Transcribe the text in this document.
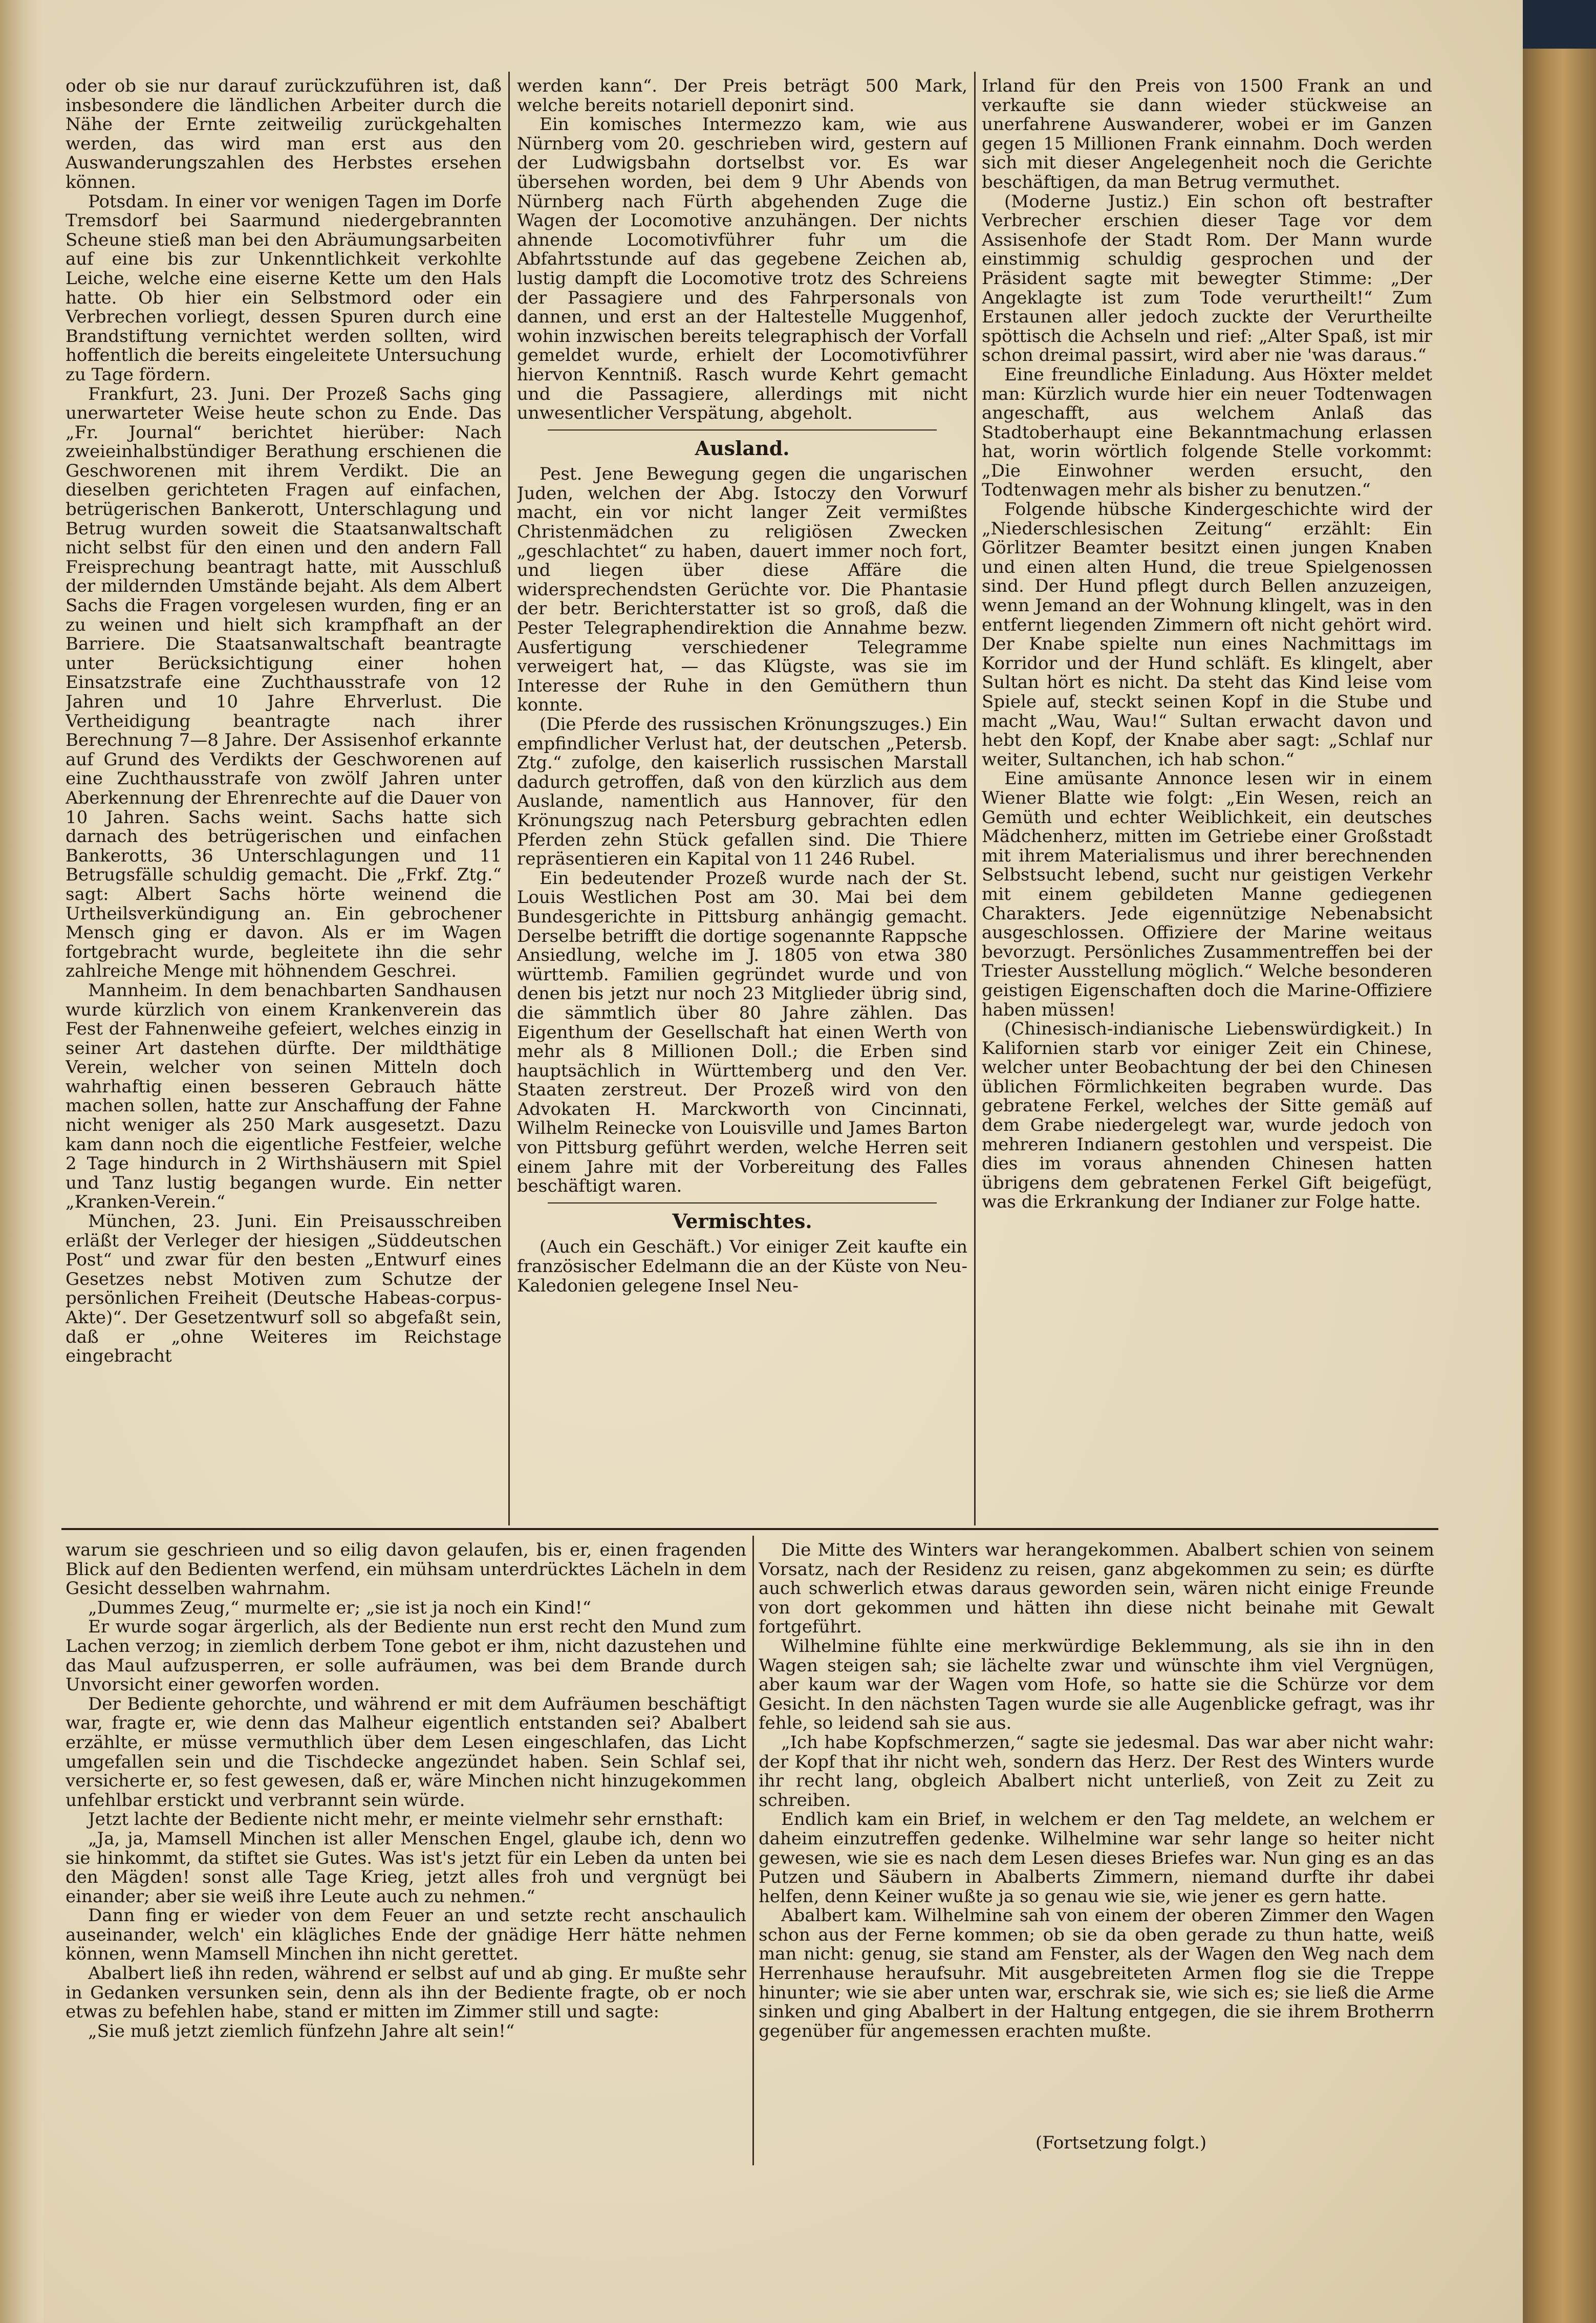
oder ob sie nur darauf zurückzuführen ist, daß insbesondere die ländlichen Arbeiter durch die Nähe der Ernte zeitweilig zurückgehalten werden, das wird man erst aus den Auswanderungszahlen des Herbstes ersehen können.

Potsdam. In einer vor wenigen Tagen im Dorfe Tremsdorf bei Saarmund niedergebrannten Scheune stieß man bei den Abräumungsarbeiten auf eine bis zur Unkenntlichkeit verkohlte Leiche, welche eine eiserne Kette um den Hals hatte. Ob hier ein Selbstmord oder ein Verbrechen vorliegt, dessen Spuren durch eine Brandstiftung vernichtet werden sollten, wird hoffentlich die bereits eingeleitete Untersuchung zu Tage fördern.

Frankfurt, 23. Juni. Der Prozeß Sachs ging unerwarteter Weise heute schon zu Ende. Das „Fr. Journal“ berichtet hierüber: Nach zweieinhalbstündiger Berathung erschienen die Geschworenen mit ihrem Verdikt. Die an dieselben gerichteten Fragen auf einfachen, betrügerischen Bankerott, Unterschlagung und Betrug wurden soweit die Staatsanwaltschaft nicht selbst für den einen und den andern Fall Freisprechung beantragt hatte, mit Ausschluß der mildernden Umstände bejaht. Als dem Albert Sachs die Fragen vorgelesen wurden, fing er an zu weinen und hielt sich krampfhaft an der Barriere. Die Staatsanwaltschaft beantragte unter Berücksichtigung einer hohen Einsatzstrafe eine Zuchthausstrafe von 12 Jahren und 10 Jahre Ehrverlust. Die Vertheidigung beantragte nach ihrer Berechnung 7—8 Jahre. Der Assisenhof erkannte auf Grund des Verdikts der Geschworenen auf eine Zuchthausstrafe von zwölf Jahren unter Aberkennung der Ehrenrechte auf die Dauer von 10 Jahren. Sachs weint. Sachs hatte sich darnach des betrügerischen und einfachen Bankerotts, 36 Unterschlagungen und 11 Betrugsfälle schuldig gemacht. Die „Frkf. Ztg.“ sagt: Albert Sachs hörte weinend die Urtheilsverkündigung an. Ein gebrochener Mensch ging er davon. Als er im Wagen fortgebracht wurde, begleitete ihn die sehr zahlreiche Menge mit höhnendem Geschrei.

Mannheim. In dem benachbarten Sandhausen wurde kürzlich von einem Krankenverein das Fest der Fahnenweihe gefeiert, welches einzig in seiner Art dastehen dürfte. Der mildthätige Verein, welcher von seinen Mitteln doch wahrhaftig einen besseren Gebrauch hätte machen sollen, hatte zur Anschaffung der Fahne nicht weniger als 250 Mark ausgesetzt. Dazu kam dann noch die eigentliche Festfeier, welche 2 Tage hindurch in 2 Wirthshäusern mit Spiel und Tanz lustig begangen wurde. Ein netter „Kranken-Verein.“

München, 23. Juni. Ein Preisausschreiben erläßt der Verleger der hiesigen „Süddeutschen Post“ und zwar für den besten „Entwurf eines Gesetzes nebst Motiven zum Schutze der persönlichen Freiheit (Deutsche Habeas-corpus-Akte)“. Der Gesetzentwurf soll so abgefaßt sein, daß er „ohne Weiteres im Reichstage eingebracht

werden kann“. Der Preis beträgt 500 Mark, welche bereits notariell deponirt sind.

Ein komisches Intermezzo kam, wie aus Nürnberg vom 20. geschrieben wird, gestern auf der Ludwigsbahn dortselbst vor. Es war übersehen worden, bei dem 9 Uhr Abends von Nürnberg nach Fürth abgehenden Zuge die Wagen der Locomotive anzuhängen. Der nichts ahnende Locomotivführer fuhr um die Abfahrtsstunde auf das gegebene Zeichen ab, lustig dampft die Locomotive trotz des Schreiens der Passagiere und des Fahrpersonals von dannen, und erst an der Haltestelle Muggenhof, wohin inzwischen bereits telegraphisch der Vorfall gemeldet wurde, erhielt der Locomotivführer hiervon Kenntniß. Rasch wurde Kehrt gemacht und die Passagiere, allerdings mit nicht unwesentlicher Verspätung, abgeholt.

Ausland.

Pest. Jene Bewegung gegen die ungarischen Juden, welchen der Abg. Istoczy den Vorwurf macht, ein vor nicht langer Zeit vermißtes Christenmädchen zu religiösen Zwecken „geschlachtet“ zu haben, dauert immer noch fort, und liegen über diese Affäre die widersprechendsten Gerüchte vor. Die Phantasie der betr. Berichterstatter ist so groß, daß die Pester Telegraphendirektion die Annahme bezw. Ausfertigung verschiedener Telegramme verweigert hat, — das Klügste, was sie im Interesse der Ruhe in den Gemüthern thun konnte.

(Die Pferde des russischen Krönungszuges.) Ein empfindlicher Verlust hat, der deutschen „Petersb. Ztg.“ zufolge, den kaiserlich russischen Marstall dadurch getroffen, daß von den kürzlich aus dem Auslande, namentlich aus Hannover, für den Krönungszug nach Petersburg gebrachten edlen Pferden zehn Stück gefallen sind. Die Thiere repräsentieren ein Kapital von 11 246 Rubel.

Ein bedeutender Prozeß wurde nach der St. Louis Westlichen Post am 30. Mai bei dem Bundesgerichte in Pittsburg anhängig gemacht. Derselbe betrifft die dortige sogenannte Rappsche Ansiedlung, welche im J. 1805 von etwa 380 württemb. Familien gegründet wurde und von denen bis jetzt nur noch 23 Mitglieder übrig sind, die sämmtlich über 80 Jahre zählen. Das Eigenthum der Gesellschaft hat einen Werth von mehr als 8 Millionen Doll.; die Erben sind hauptsächlich in Württemberg und den Ver. Staaten zerstreut. Der Prozeß wird von den Advokaten H. Marckworth von Cincinnati, Wilhelm Reinecke von Louisville und James Barton von Pittsburg geführt werden, welche Herren seit einem Jahre mit der Vorbereitung des Falles beschäftigt waren.

Vermischtes.

(Auch ein Geschäft.) Vor einiger Zeit kaufte ein französischer Edelmann die an der Küste von Neu-Kaledonien gelegene Insel Neu-

Irland für den Preis von 1500 Frank an und verkaufte sie dann wieder stückweise an unerfahrene Auswanderer, wobei er im Ganzen gegen 15 Millionen Frank einnahm. Doch werden sich mit dieser Angelegenheit noch die Gerichte beschäftigen, da man Betrug vermuthet.

(Moderne Justiz.) Ein schon oft bestrafter Verbrecher erschien dieser Tage vor dem Assisenhofe der Stadt Rom. Der Mann wurde einstimmig schuldig gesprochen und der Präsident sagte mit bewegter Stimme: „Der Angeklagte ist zum Tode verurtheilt!“ Zum Erstaunen aller jedoch zuckte der Verurtheilte spöttisch die Achseln und rief: „Alter Spaß, ist mir schon dreimal passirt, wird aber nie 'was daraus.“

Eine freundliche Einladung. Aus Höxter meldet man: Kürzlich wurde hier ein neuer Todtenwagen angeschafft, aus welchem Anlaß das Stadtoberhaupt eine Bekanntmachung erlassen hat, worin wörtlich folgende Stelle vorkommt: „Die Einwohner werden ersucht, den Todtenwagen mehr als bisher zu benutzen.“

Folgende hübsche Kindergeschichte wird der „Niederschlesischen Zeitung“ erzählt: Ein Görlitzer Beamter besitzt einen jungen Knaben und einen alten Hund, die treue Spielgenossen sind. Der Hund pflegt durch Bellen anzuzeigen, wenn Jemand an der Wohnung klingelt, was in den entfernt liegenden Zimmern oft nicht gehört wird. Der Knabe spielte nun eines Nachmittags im Korridor und der Hund schläft. Es klingelt, aber Sultan hört es nicht. Da steht das Kind leise vom Spiele auf, steckt seinen Kopf in die Stube und macht „Wau, Wau!“ Sultan erwacht davon und hebt den Kopf, der Knabe aber sagt: „Schlaf nur weiter, Sultanchen, ich hab schon.“

Eine amüsante Annonce lesen wir in einem Wiener Blatte wie folgt: „Ein Wesen, reich an Gemüth und echter Weiblichkeit, ein deutsches Mädchenherz, mitten im Getriebe einer Großstadt mit ihrem Materialismus und ihrer berechnenden Selbstsucht lebend, sucht nur geistigen Verkehr mit einem gebildeten Manne gediegenen Charakters. Jede eigennützige Nebenabsicht ausgeschlossen. Offiziere der Marine weitaus bevorzugt. Persönliches Zusammentreffen bei der Triester Ausstellung möglich.“ Welche besonderen geistigen Eigenschaften doch die Marine-Offiziere haben müssen!

(Chinesisch-indianische Liebenswürdigkeit.) In Kalifornien starb vor einiger Zeit ein Chinese, welcher unter Beobachtung der bei den Chinesen üblichen Förmlichkeiten begraben wurde. Das gebratene Ferkel, welches der Sitte gemäß auf dem Grabe niedergelegt war, wurde jedoch von mehreren Indianern gestohlen und verspeist. Die dies im voraus ahnenden Chinesen hatten übrigens dem gebratenen Ferkel Gift beigefügt, was die Erkrankung der Indianer zur Folge hatte.

warum sie geschrieen und so eilig davon gelaufen, bis er, einen fragenden Blick auf den Bedienten werfend, ein mühsam unterdrücktes Lächeln in dem Gesicht desselben wahrnahm.

„Dummes Zeug,“ murmelte er; „sie ist ja noch ein Kind!“

Er wurde sogar ärgerlich, als der Bediente nun erst recht den Mund zum Lachen verzog; in ziemlich derbem Tone gebot er ihm, nicht dazustehen und das Maul aufzusperren, er solle aufräumen, was bei dem Brande durch Unvorsicht einer geworfen worden.

Der Bediente gehorchte, und während er mit dem Aufräumen beschäftigt war, fragte er, wie denn das Malheur eigentlich entstanden sei? Abalbert erzählte, er müsse vermuthlich über dem Lesen eingeschlafen, das Licht umgefallen sein und die Tischdecke angezündet haben. Sein Schlaf sei, versicherte er, so fest gewesen, daß er, wäre Minchen nicht hinzugekommen unfehlbar erstickt und verbrannt sein würde.

Jetzt lachte der Bediente nicht mehr, er meinte vielmehr sehr ernsthaft:

„Ja, ja, Mamsell Minchen ist aller Menschen Engel, glaube ich, denn wo sie hinkommt, da stiftet sie Gutes. Was ist's jetzt für ein Leben da unten bei den Mägden! sonst alle Tage Krieg, jetzt alles froh und vergnügt bei einander; aber sie weiß ihre Leute auch zu nehmen.“

Dann fing er wieder von dem Feuer an und setzte recht anschaulich auseinander, welch' ein klägliches Ende der gnädige Herr hätte nehmen können, wenn Mamsell Minchen ihn nicht gerettet.

Abalbert ließ ihn reden, während er selbst auf und ab ging. Er mußte sehr in Gedanken versunken sein, denn als ihn der Bediente fragte, ob er noch etwas zu befehlen habe, stand er mitten im Zimmer still und sagte:

„Sie muß jetzt ziemlich fünfzehn Jahre alt sein!“

Die Mitte des Winters war herangekommen. Abalbert schien von seinem Vorsatz, nach der Residenz zu reisen, ganz abgekommen zu sein; es dürfte auch schwerlich etwas daraus geworden sein, wären nicht einige Freunde von dort gekommen und hätten ihn diese nicht beinahe mit Gewalt fortgeführt.

Wilhelmine fühlte eine merkwürdige Beklemmung, als sie ihn in den Wagen steigen sah; sie lächelte zwar und wünschte ihm viel Vergnügen, aber kaum war der Wagen vom Hofe, so hatte sie die Schürze vor dem Gesicht. In den nächsten Tagen wurde sie alle Augenblicke gefragt, was ihr fehle, so leidend sah sie aus.

„Ich habe Kopfschmerzen,“ sagte sie jedesmal. Das war aber nicht wahr: der Kopf that ihr nicht weh, sondern das Herz. Der Rest des Winters wurde ihr recht lang, obgleich Abalbert nicht unterließ, von Zeit zu Zeit zu schreiben.

Endlich kam ein Brief, in welchem er den Tag meldete, an welchem er daheim einzutreffen gedenke. Wilhelmine war sehr lange so heiter nicht gewesen, wie sie es nach dem Lesen dieses Briefes war. Nun ging es an das Putzen und Säubern in Abalberts Zimmern, niemand durfte ihr dabei helfen, denn Keiner wußte ja so genau wie sie, wie jener es gern hatte.

Abalbert kam. Wilhelmine sah von einem der oberen Zimmer den Wagen schon aus der Ferne kommen; ob sie da oben gerade zu thun hatte, weiß man nicht: genug, sie stand am Fenster, als der Wagen den Weg nach dem Herrenhause heraufsuhr. Mit ausgebreiteten Armen flog sie die Treppe hinunter; wie sie aber unten war, erschrak sie, wie sich es; sie ließ die Arme sinken und ging Abalbert in der Haltung entgegen, die sie ihrem Brotherrn gegenüber für angemessen erachten mußte.

(Fortsetzung folgt.)
